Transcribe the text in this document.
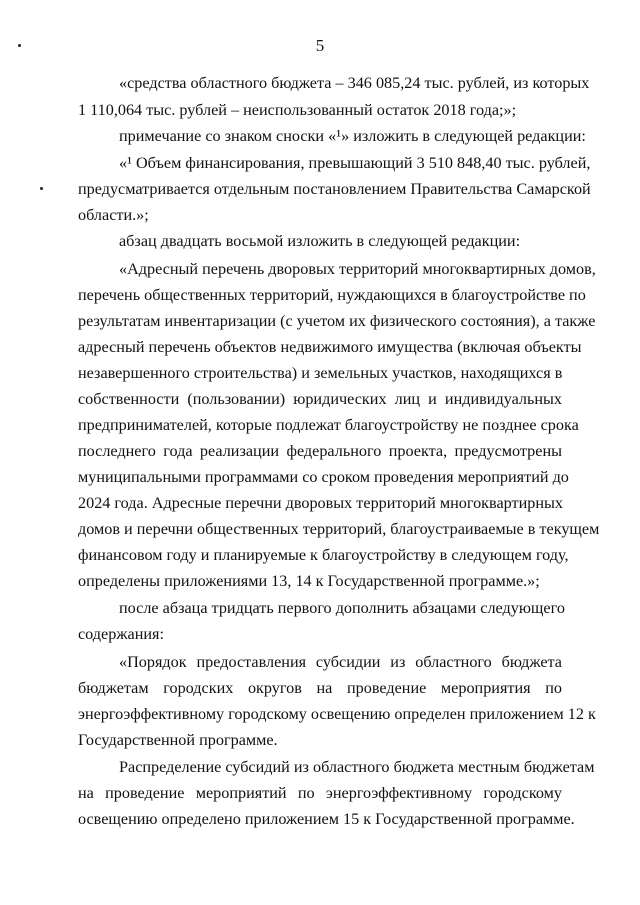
5
«средства областного бюджета – 346 085,24 тыс. рублей, из которых
1 110,064 тыс. рублей – неиспользованный остаток 2018 года;»;
примечание со знаком сноски «¹» изложить в следующей редакции:
«¹ Объем финансирования, превышающий 3 510 848,40 тыс. рублей,
предусматривается отдельным постановлением Правительства Самарской
области.»;
абзац двадцать восьмой изложить в следующей редакции:
«Адресный перечень дворовых территорий многоквартирных домов,
перечень общественных территорий, нуждающихся в благоустройстве по
результатам инвентаризации (с учетом их физического состояния), а также
адресный перечень объектов недвижимого имущества (включая объекты
незавершенного строительства) и земельных участков, находящихся в
собственности (пользовании) юридических лиц и индивидуальных
предпринимателей, которые подлежат благоустройству не позднее срока
последнего года реализации федерального проекта, предусмотрены
муниципальными программами со сроком проведения мероприятий до
2024 года. Адресные перечни дворовых территорий многоквартирных
домов и перечни общественных территорий, благоустраиваемые в текущем
финансовом году и планируемые к благоустройству в следующем году,
определены приложениями 13, 14 к Государственной программе.»;
после абзаца тридцать первого дополнить абзацами следующего
содержания:
«Порядок предоставления субсидии из областного бюджета
бюджетам городских округов на проведение мероприятия по
энергоэффективному городскому освещению определен приложением 12 к
Государственной программе.
Распределение субсидий из областного бюджета местным бюджетам
на проведение мероприятий по энергоэффективному городскому
освещению определено приложением 15 к Государственной программе.
